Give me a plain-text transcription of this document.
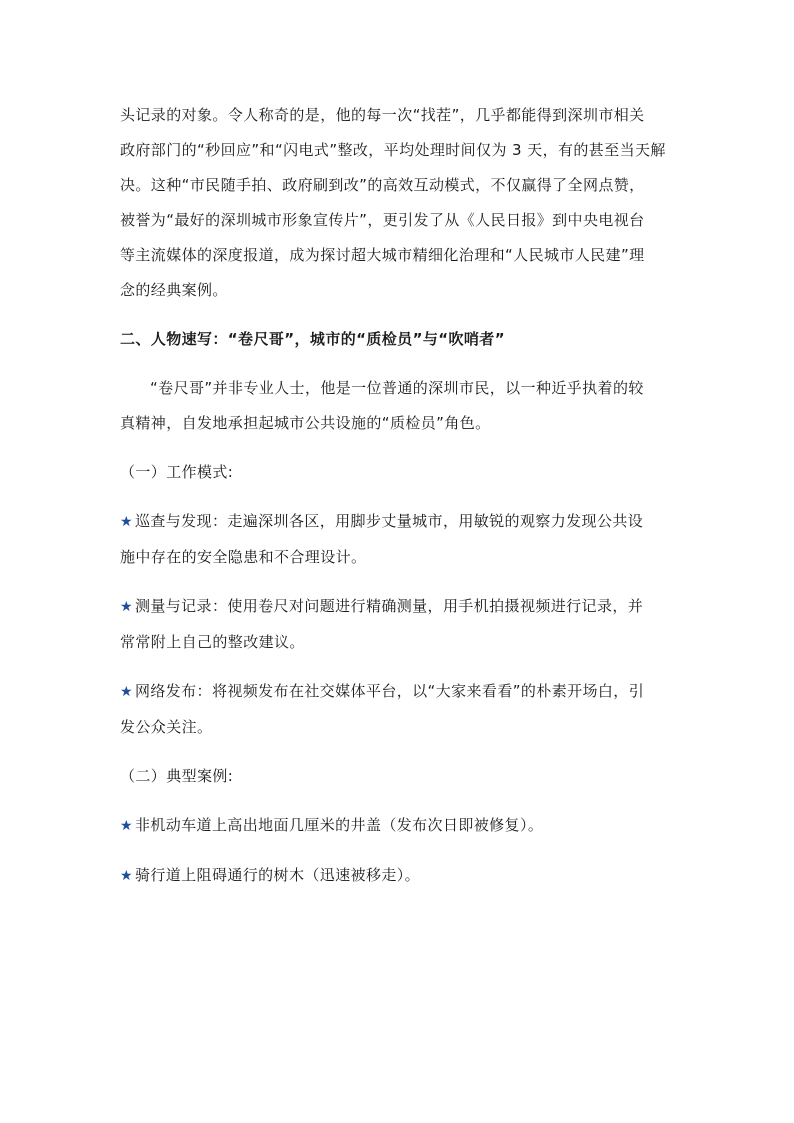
头记录的对象。令人称奇的是，他的每一次“找茬”，几乎都能得到深圳市相关

政府部门的“秒回应”和“闪电式”整改，平均处理时间仅为 3 天，有的甚至当天解

决。这种“市民随手拍、政府刷到改”的高效互动模式，不仅赢得了全网点赞，

被誉为“最好的深圳城市形象宣传片”，更引发了从《人民日报》到中央电视台

等主流媒体的深度报道，成为探讨超大城市精细化治理和“人民城市人民建”理

念的经典案例。

二、人物速写：“卷尺哥”，城市的“质检员”与“吹哨者”

“卷尺哥”并非专业人士，他是一位普通的深圳市民，以一种近乎执着的较

真精神，自发地承担起城市公共设施的“质检员”角色。

（一）工作模式:

★ 巡查与发现：走遍深圳各区，用脚步丈量城市，用敏锐的观察力发现公共设

施中存在的安全隐患和不合理设计。

★ 测量与记录：使用卷尺对问题进行精确测量，用手机拍摄视频进行记录，并

常常附上自己的整改建议。

★ 网络发布：将视频发布在社交媒体平台，以“大家来看看”的朴素开场白，引

发公众关注。

（二）典型案例:

★ 非机动车道上高出地面几厘米的井盖（发布次日即被修复）。

★ 骑行道上阻碍通行的树木（迅速被移走）。
